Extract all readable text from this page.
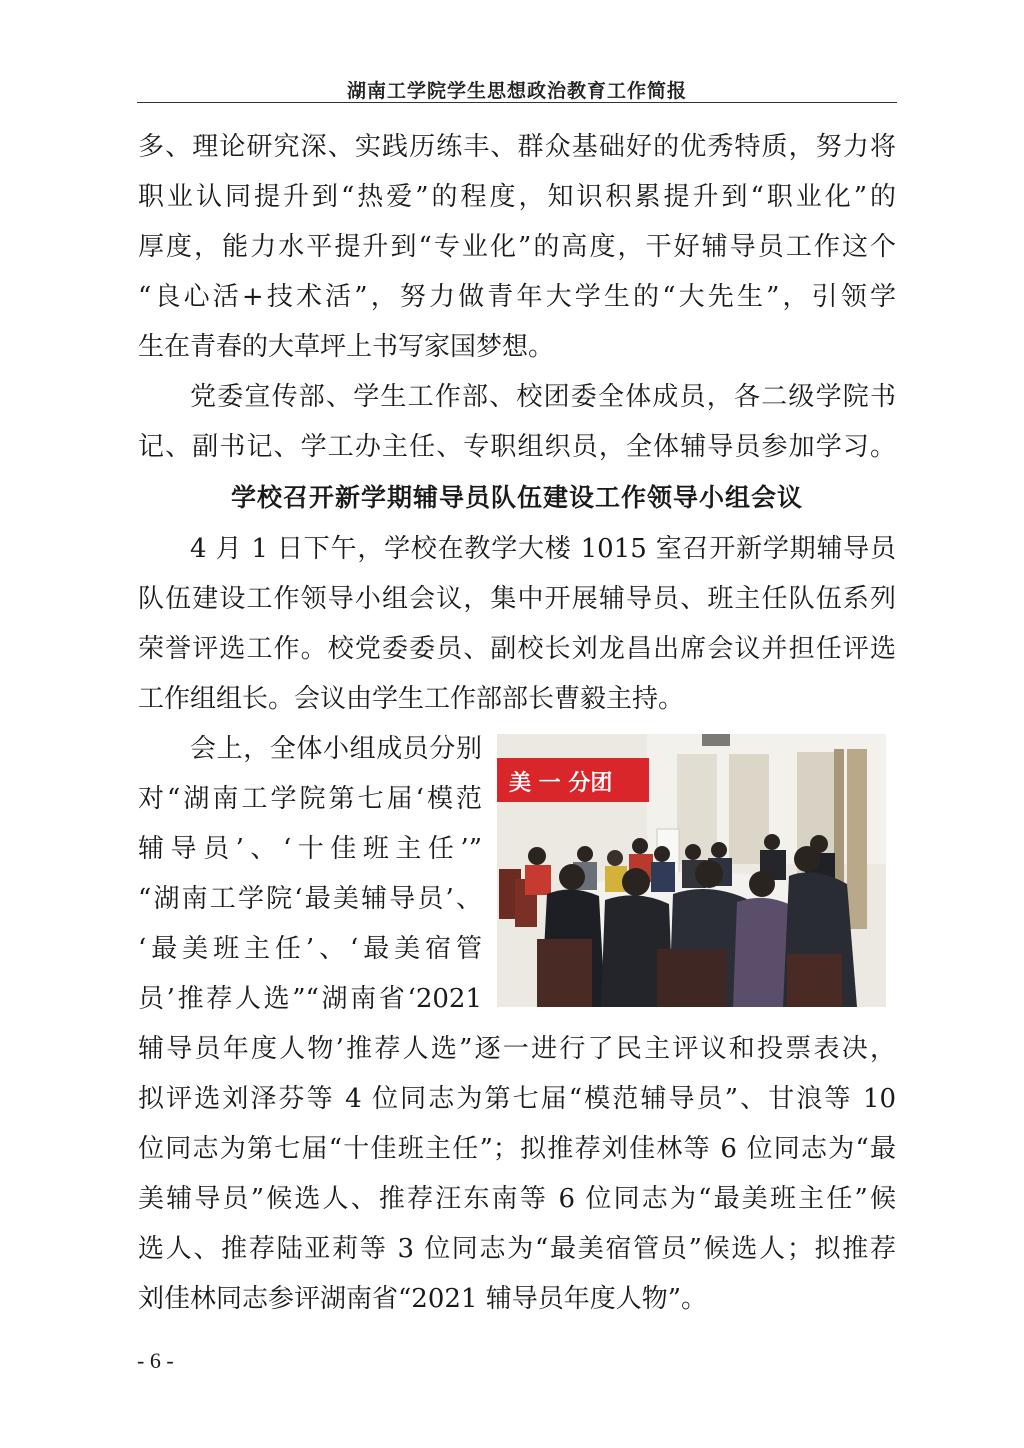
湖南工学院学生思想政治教育工作简报
多、理论研究深、实践历练丰、群众基础好的优秀特质，努力将
职业认同提升到“热爱”的程度，知识积累提升到“职业化”的
厚度，能力水平提升到“专业化”的高度，干好辅导员工作这个
“良心活+技术活”，努力做青年大学生的“大先生”，引领学
生在青春的大草坪上书写家国梦想。
党委宣传部、学生工作部、校团委全体成员，各二级学院书
记、副书记、学工办主任、专职组织员，全体辅导员参加学习。
学校召开新学期辅导员队伍建设工作领导小组会议
4 月 1 日下午，学校在教学大楼 1015 室召开新学期辅导员
队伍建设工作领导小组会议，集中开展辅导员、班主任队伍系列
荣誉评选工作。校党委委员、副校长刘龙昌出席会议并担任评选
工作组组长。会议由学生工作部部长曹毅主持。
会上，全体小组成员分别
对“湖南工学院第七届‘模范
辅导员’、‘十佳班主任’”
“湖南工学院‘最美辅导员’、
‘最美班主任’、‘最美宿管
员’推荐人选”“湖南省‘2021
辅导员年度人物’推荐人选”逐一进行了民主评议和投票表决，
拟评选刘泽芬等 4 位同志为第七届“模范辅导员”、甘浪等 10
位同志为第七届“十佳班主任”；拟推荐刘佳林等 6 位同志为“最
美辅导员”候选人、推荐汪东南等 6 位同志为“最美班主任”候
选人、推荐陆亚莉等 3 位同志为“最美宿管员”候选人；拟推荐
刘佳林同志参评湖南省“2021 辅导员年度人物”。
美 一 分团
- 6 -
